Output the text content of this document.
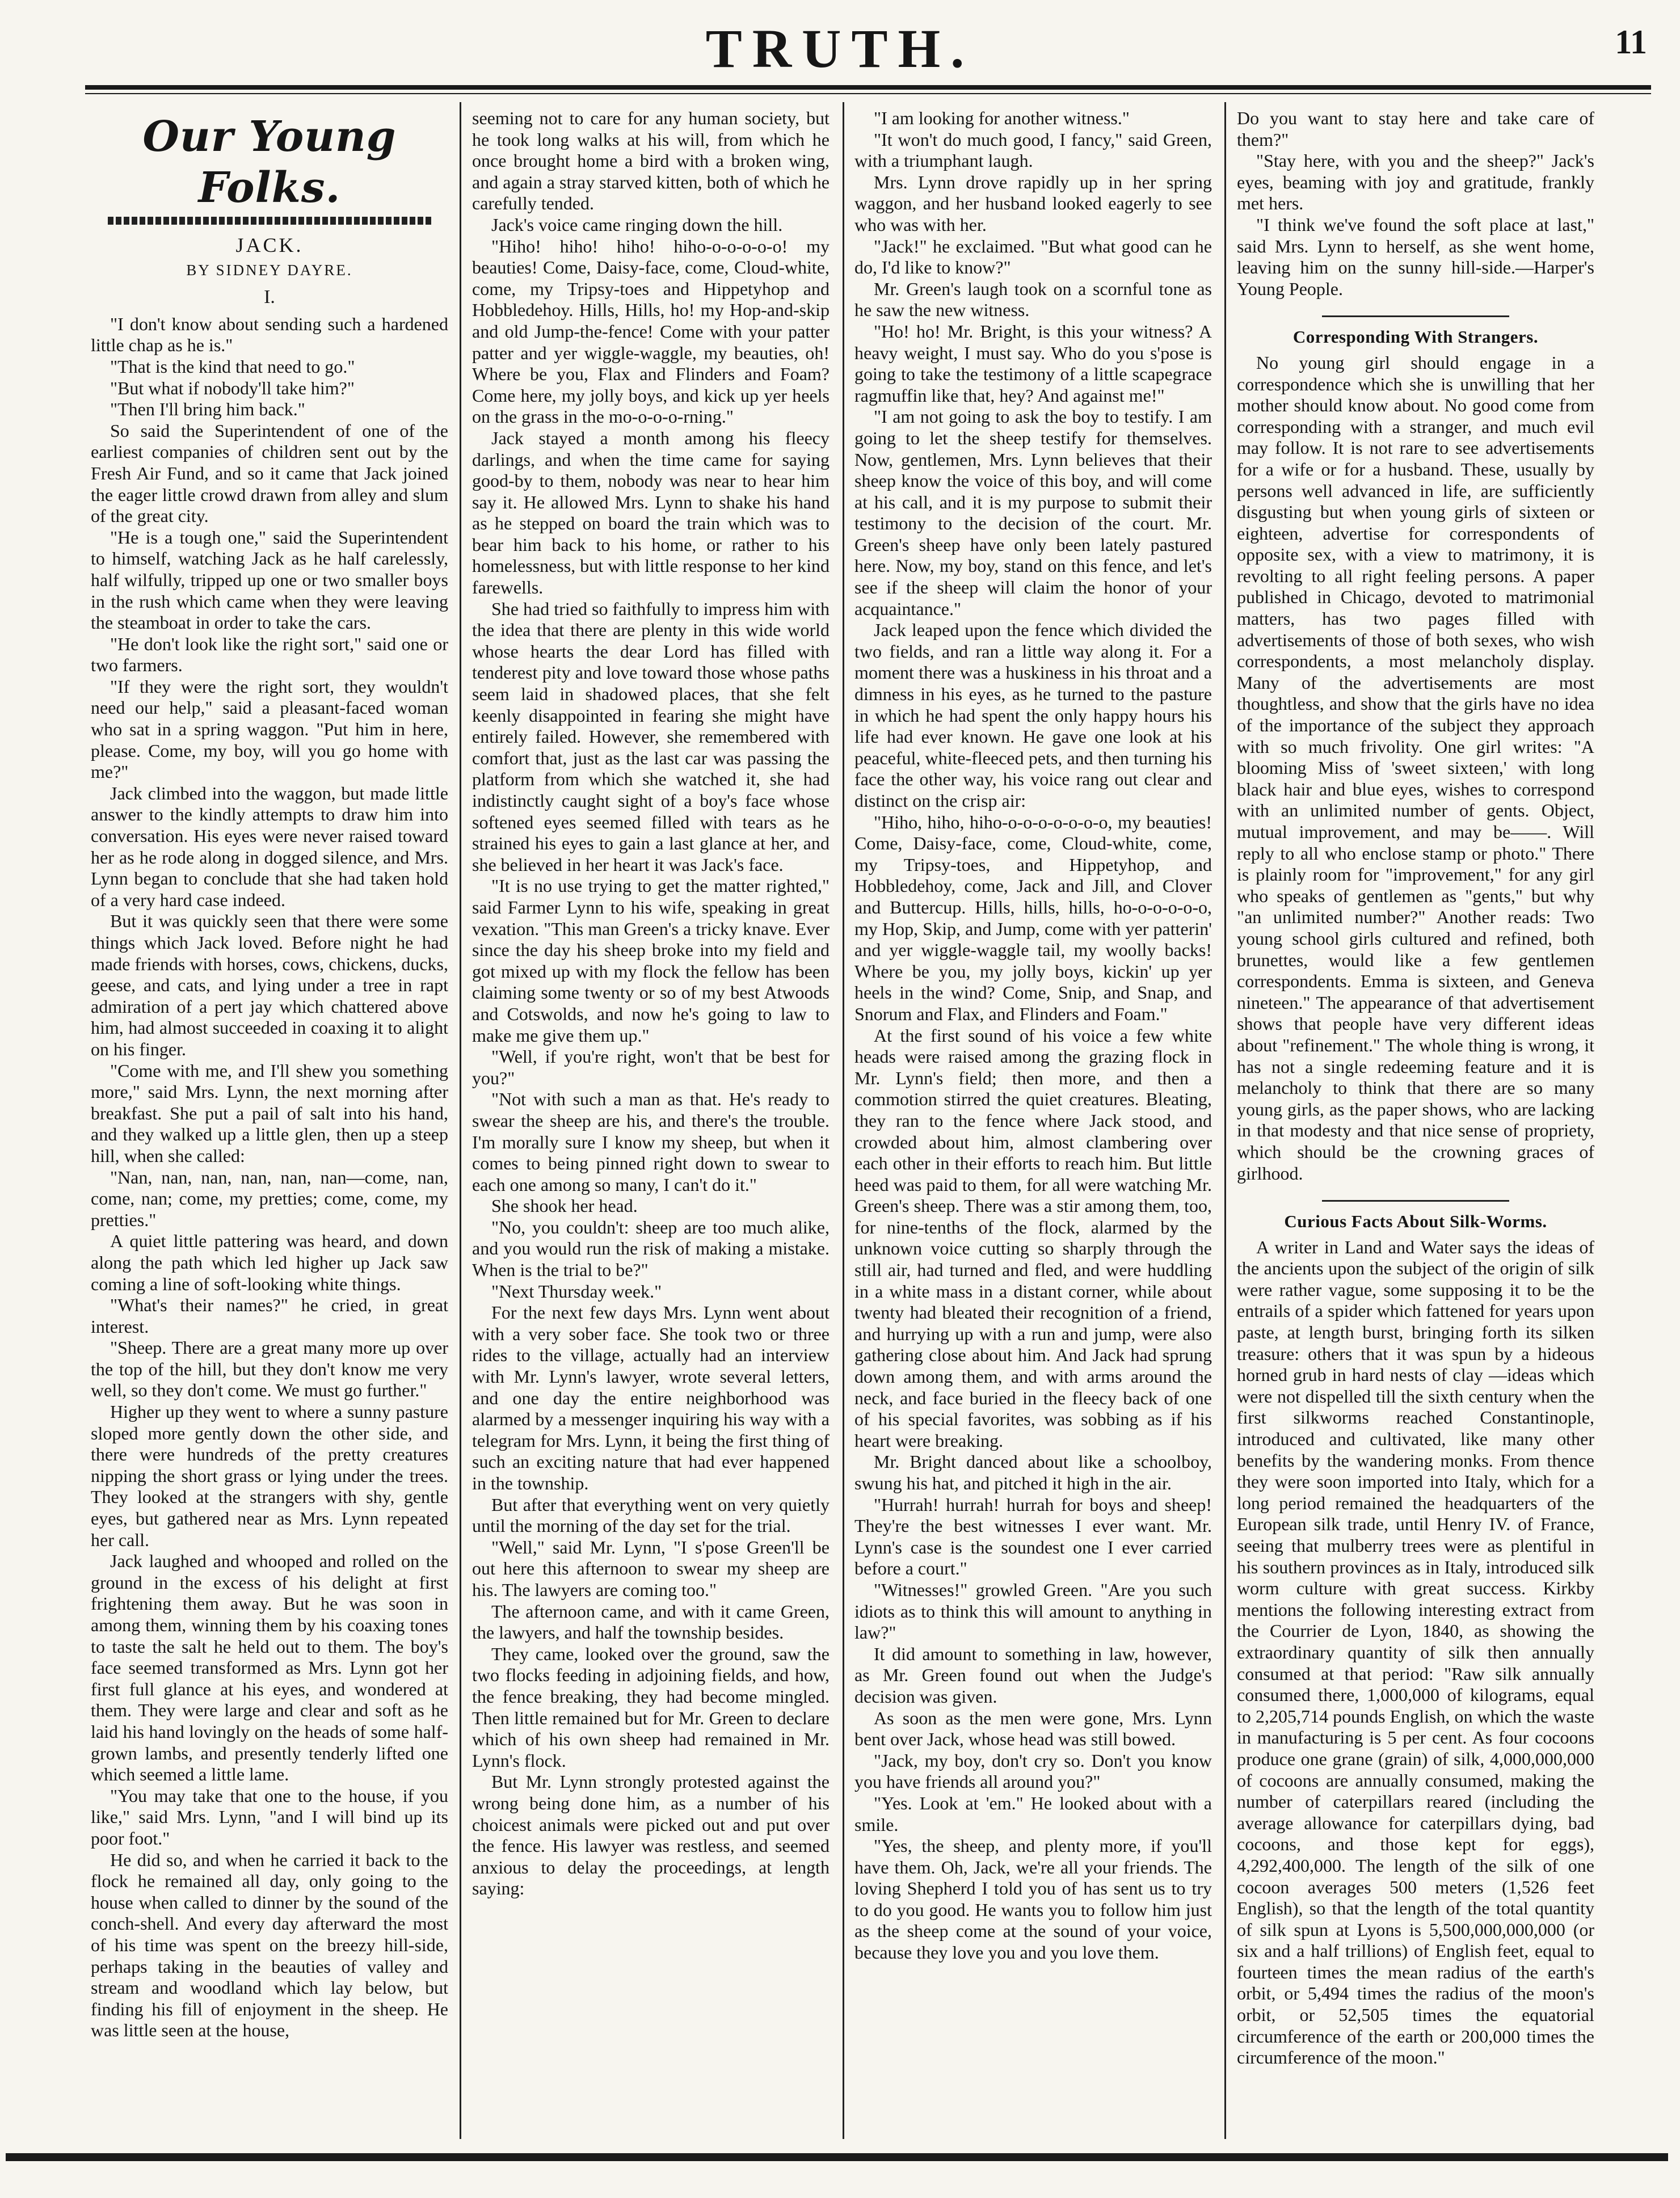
TRUTH.	11
Our Young Folks.
JACK.
BY SIDNEY DAYRE.
I.

"I don't know about sending such a hardened little chap as he is."

"That is the kind that need to go."

"But what if nobody'll take him?"

"Then I'll bring him back."

So said the Superintendent of one of the earliest companies of children sent out by the Fresh Air Fund, and so it came that Jack joined the eager little crowd drawn from alley and slum of the great city.

"He is a tough one," said the Superintendent to himself, watching Jack as he half carelessly, half wilfully, tripped up one or two smaller boys in the rush which came when they were leaving the steamboat in order to take the cars.

"He don't look like the right sort," said one or two farmers.

"If they were the right sort, they wouldn't need our help," said a pleasant-faced woman who sat in a spring waggon. "Put him in here, please. Come, my boy, will you go home with me?"

Jack climbed into the waggon, but made little answer to the kindly attempts to draw him into conversation. His eyes were never raised toward her as he rode along in dogged silence, and Mrs. Lynn began to conclude that she had taken hold of a very hard case indeed.

But it was quickly seen that there were some things which Jack loved. Before night he had made friends with horses, cows, chickens, ducks, geese, and cats, and lying under a tree in rapt admiration of a pert jay which chattered above him, had almost succeeded in coaxing it to alight on his finger.

"Come with me, and I'll shew you something more," said Mrs. Lynn, the next morning after breakfast. She put a pail of salt into his hand, and they walked up a little glen, then up a steep hill, when she called:

"Nan, nan, nan, nan, nan, nan—come, nan, come, nan; come, my pretties; come, come, my pretties."

A quiet little pattering was heard, and down along the path which led higher up Jack saw coming a line of soft-looking white things.

"What's their names?" he cried, in great interest.

"Sheep. There are a great many more up over the top of the hill, but they don't know me very well, so they don't come. We must go further."

Higher up they went to where a sunny pasture sloped more gently down the other side, and there were hundreds of the pretty creatures nipping the short grass or lying under the trees. They looked at the strangers with shy, gentle eyes, but gathered near as Mrs. Lynn repeated her call.

Jack laughed and whooped and rolled on the ground in the excess of his delight at first frightening them away. But he was soon in among them, winning them by his coaxing tones to taste the salt he held out to them. The boy's face seemed transformed as Mrs. Lynn got her first full glance at his eyes, and wondered at them. They were large and clear and soft as he laid his hand lovingly on the heads of some half-grown lambs, and presently tenderly lifted one which seemed a little lame.

"You may take that one to the house, if you like," said Mrs. Lynn, "and I will bind up its poor foot."

He did so, and when he carried it back to the flock he remained all day, only going to the house when called to dinner by the sound of the conch-shell. And every day afterward the most of his time was spent on the breezy hill-side, perhaps taking in the beauties of valley and stream and woodland which lay below, but finding his fill of enjoyment in the sheep. He was little seen at the house,

seeming not to care for any human society, but he took long walks at his will, from which he once brought home a bird with a broken wing, and again a stray starved kitten, both of which he carefully tended.

Jack's voice came ringing down the hill.

"Hiho! hiho! hiho! hiho-o-o-o-o-o! my beauties! Come, Daisy-face, come, Cloud-white, come, my Tripsy-toes and Hippetyhop and Hobbledehoy. Hills, Hills, ho! my Hop-and-skip and old Jump-the-fence! Come with your patter patter and yer wiggle-waggle, my beauties, oh! Where be you, Flax and Flinders and Foam? Come here, my jolly boys, and kick up yer heels on the grass in the mo-o-o-o-rning."

Jack stayed a month among his fleecy darlings, and when the time came for saying good-by to them, nobody was near to hear him say it. He allowed Mrs. Lynn to shake his hand as he stepped on board the train which was to bear him back to his home, or rather to his homelessness, but with little response to her kind farewells.

She had tried so faithfully to impress him with the idea that there are plenty in this wide world whose hearts the dear Lord has filled with tenderest pity and love toward those whose paths seem laid in shadowed places, that she felt keenly disappointed in fearing she might have entirely failed. However, she remembered with comfort that, just as the last car was passing the platform from which she watched it, she had indistinctly caught sight of a boy's face whose softened eyes seemed filled with tears as he strained his eyes to gain a last glance at her, and she believed in her heart it was Jack's face.

"It is no use trying to get the matter righted," said Farmer Lynn to his wife, speaking in great vexation. "This man Green's a tricky knave. Ever since the day his sheep broke into my field and got mixed up with my flock the fellow has been claiming some twenty or so of my best Atwoods and Cotswolds, and now he's going to law to make me give them up."

"Well, if you're right, won't that be best for you?"

"Not with such a man as that. He's ready to swear the sheep are his, and there's the trouble. I'm morally sure I know my sheep, but when it comes to being pinned right down to swear to each one among so many, I can't do it."

She shook her head.

"No, you couldn't: sheep are too much alike, and you would run the risk of making a mistake. When is the trial to be?"

"Next Thursday week."

For the next few days Mrs. Lynn went about with a very sober face. She took two or three rides to the village, actually had an interview with Mr. Lynn's lawyer, wrote several letters, and one day the entire neighborhood was alarmed by a messenger inquiring his way with a telegram for Mrs. Lynn, it being the first thing of such an exciting nature that had ever happened in the township.

But after that everything went on very quietly until the morning of the day set for the trial.

"Well," said Mr. Lynn, "I s'pose Green'll be out here this afternoon to swear my sheep are his. The lawyers are coming too."

The afternoon came, and with it came Green, the lawyers, and half the township besides.

They came, looked over the ground, saw the two flocks feeding in adjoining fields, and how, the fence breaking, they had become mingled. Then little remained but for Mr. Green to declare which of his own sheep had remained in Mr. Lynn's flock.

But Mr. Lynn strongly protested against the wrong being done him, as a number of his choicest animals were picked out and put over the fence. His lawyer was restless, and seemed anxious to delay the proceedings, at length saying:

"I am looking for another witness."

"It won't do much good, I fancy," said Green, with a triumphant laugh.

Mrs. Lynn drove rapidly up in her spring waggon, and her husband looked eagerly to see who was with her.

"Jack!" he exclaimed. "But what good can he do, I'd like to know?"

Mr. Green's laugh took on a scornful tone as he saw the new witness.

"Ho! ho! Mr. Bright, is this your witness? A heavy weight, I must say. Who do you s'pose is going to take the testimony of a little scapegrace ragmuffin like that, hey? And against me!"

"I am not going to ask the boy to testify. I am going to let the sheep testify for themselves. Now, gentlemen, Mrs. Lynn believes that their sheep know the voice of this boy, and will come at his call, and it is my purpose to submit their testimony to the decision of the court. Mr. Green's sheep have only been lately pastured here. Now, my boy, stand on this fence, and let's see if the sheep will claim the honor of your acquaintance."

Jack leaped upon the fence which divided the two fields, and ran a little way along it. For a moment there was a huskiness in his throat and a dimness in his eyes, as he turned to the pasture in which he had spent the only happy hours his life had ever known. He gave one look at his peaceful, white-fleeced pets, and then turning his face the other way, his voice rang out clear and distinct on the crisp air:

"Hiho, hiho, hiho-o-o-o-o-o-o-o, my beauties! Come, Daisy-face, come, Cloud-white, come, my Tripsy-toes, and Hippetyhop, and Hobbledehoy, come, Jack and Jill, and Clover and Buttercup. Hills, hills, hills, ho-o-o-o-o-o, my Hop, Skip, and Jump, come with yer patterin' and yer wiggle-waggle tail, my woolly backs! Where be you, my jolly boys, kickin' up yer heels in the wind? Come, Snip, and Snap, and Snorum and Flax, and Flinders and Foam."

At the first sound of his voice a few white heads were raised among the grazing flock in Mr. Lynn's field; then more, and then a commotion stirred the quiet creatures. Bleating, they ran to the fence where Jack stood, and crowded about him, almost clambering over each other in their efforts to reach him. But little heed was paid to them, for all were watching Mr. Green's sheep. There was a stir among them, too, for nine-tenths of the flock, alarmed by the unknown voice cutting so sharply through the still air, had turned and fled, and were huddling in a white mass in a distant corner, while about twenty had bleated their recognition of a friend, and hurrying up with a run and jump, were also gathering close about him. And Jack had sprung down among them, and with arms around the neck, and face buried in the fleecy back of one of his special favorites, was sobbing as if his heart were breaking.

Mr. Bright danced about like a schoolboy, swung his hat, and pitched it high in the air.

"Hurrah! hurrah! hurrah for boys and sheep! They're the best witnesses I ever want. Mr. Lynn's case is the soundest one I ever carried before a court."

"Witnesses!" growled Green. "Are you such idiots as to think this will amount to anything in law?"

It did amount to something in law, however, as Mr. Green found out when the Judge's decision was given.

As soon as the men were gone, Mrs. Lynn bent over Jack, whose head was still bowed.

"Jack, my boy, don't cry so. Don't you know you have friends all around you?"

"Yes. Look at 'em." He looked about with a smile.

"Yes, the sheep, and plenty more, if you'll have them. Oh, Jack, we're all your friends. The loving Shepherd I told you of has sent us to try to do you good. He wants you to follow him just as the sheep come at the sound of your voice, because they love you and you love them.

Do you want to stay here and take care of them?"

"Stay here, with you and the sheep?" Jack's eyes, beaming with joy and gratitude, frankly met hers.

"I think we've found the soft place at last," said Mrs. Lynn to herself, as she went home, leaving him on the sunny hill-side.—Harper's Young People.

Corresponding With Strangers.

No young girl should engage in a correspondence which she is unwilling that her mother should know about. No good come from corresponding with a stranger, and much evil may follow. It is not rare to see advertisements for a wife or for a husband. These, usually by persons well advanced in life, are sufficiently disgusting but when young girls of sixteen or eighteen, advertise for correspondents of opposite sex, with a view to matrimony, it is revolting to all right feeling persons. A paper published in Chicago, devoted to matrimonial matters, has two pages filled with advertisements of those of both sexes, who wish correspondents, a most melancholy display. Many of the advertisements are most thoughtless, and show that the girls have no idea of the importance of the subject they approach with so much frivolity. One girl writes: "A blooming Miss of 'sweet sixteen,' with long black hair and blue eyes, wishes to correspond with an unlimited number of gents. Object, mutual improvement, and may be——. Will reply to all who enclose stamp or photo." There is plainly room for "improvement," for any girl who speaks of gentlemen as "gents," but why "an unlimited number?" Another reads: Two young school girls cultured and refined, both brunettes, would like a few gentlemen correspondents. Emma is sixteen, and Geneva nineteen." The appearance of that advertisement shows that people have very different ideas about "refinement." The whole thing is wrong, it has not a single redeeming feature and it is melancholy to think that there are so many young girls, as the paper shows, who are lacking in that modesty and that nice sense of propriety, which should be the crowning graces of girlhood.

Curious Facts About Silk-Worms.

A writer in Land and Water says the ideas of the ancients upon the subject of the origin of silk were rather vague, some supposing it to be the entrails of a spider which fattened for years upon paste, at length burst, bringing forth its silken treasure: others that it was spun by a hideous horned grub in hard nests of clay —ideas which were not dispelled till the sixth century when the first silkworms reached Constantinople, introduced and cultivated, like many other benefits by the wandering monks. From thence they were soon imported into Italy, which for a long period remained the headquarters of the European silk trade, until Henry IV. of France, seeing that mulberry trees were as plentiful in his southern provinces as in Italy, introduced silk worm culture with great success. Kirkby mentions the following interesting extract from the Courrier de Lyon, 1840, as showing the extraordinary quantity of silk then annually consumed at that period: "Raw silk annually consumed there, 1,000,000 of kilograms, equal to 2,205,714 pounds English, on which the waste in manufacturing is 5 per cent. As four cocoons produce one grane (grain) of silk, 4,000,000,000 of cocoons are annually consumed, making the number of caterpillars reared (including the average allowance for caterpillars dying, bad cocoons, and those kept for eggs), 4,292,400,000. The length of the silk of one cocoon averages 500 meters (1,526 feet English), so that the length of the total quantity of silk spun at Lyons is 5,500,000,000,000 (or six and a half trillions) of English feet, equal to fourteen times the mean radius of the earth's orbit, or 5,494 times the radius of the moon's orbit, or 52,505 times the equatorial circumference of the earth or 200,000 times the circumference of the moon."
